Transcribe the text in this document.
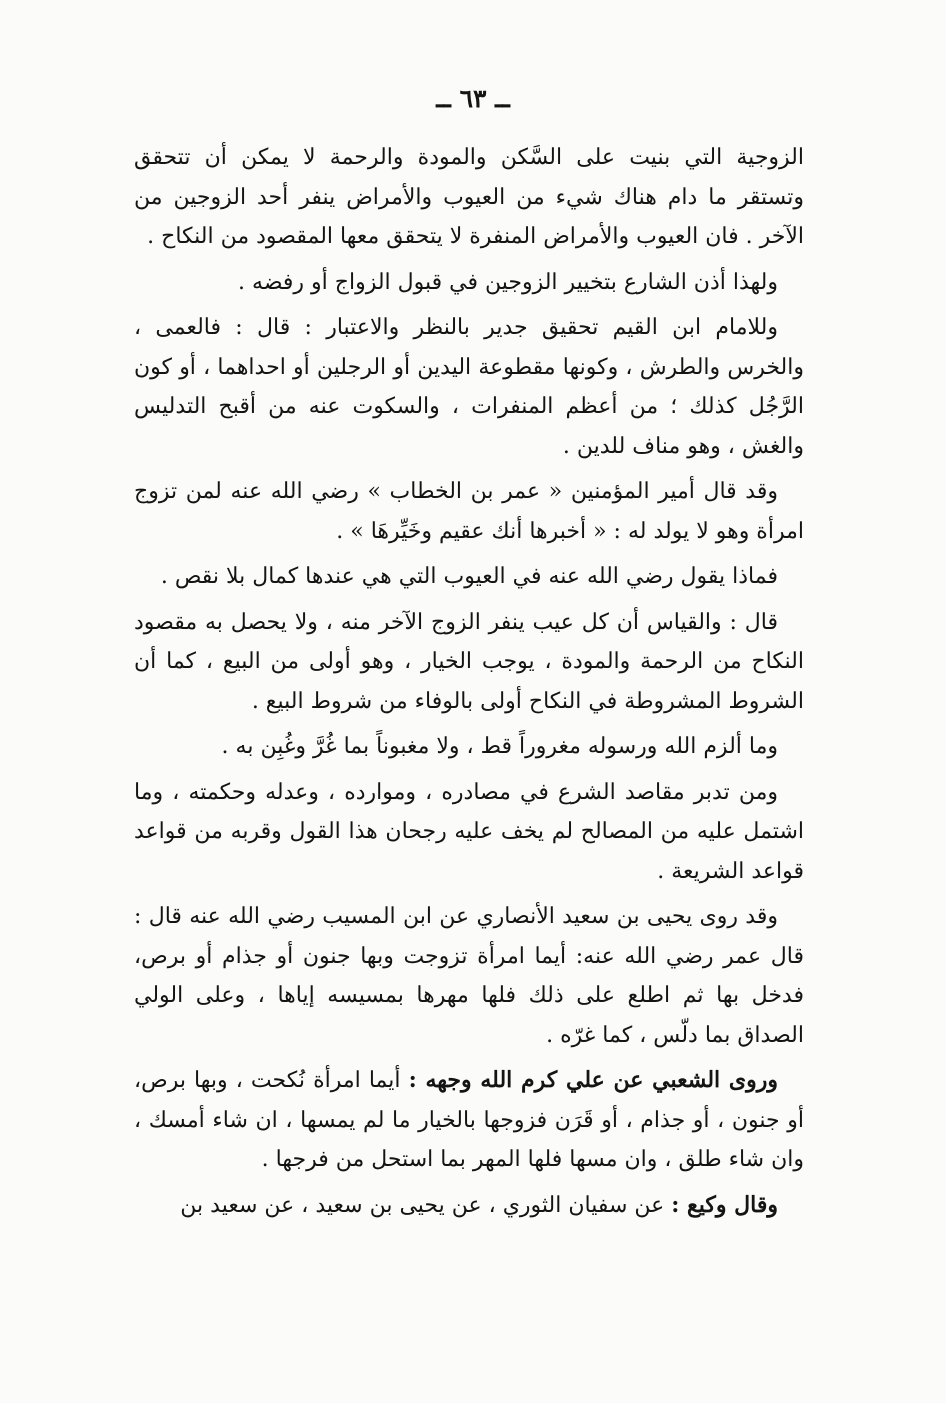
ــ ٦٣ ــ

الزوجية التي بنيت على السَّكن والمودة والرحمة لا يمكن أن تتحقق وتستقر ما دام هناك شيء من العيوب والأمراض ينفر أحد الزوجين من الآخر . فان العيوب والأمراض المنفرة لا يتحقق معها المقصود من النكاح .

ولهذا أذن الشارع بتخيير الزوجين في قبول الزواج أو رفضه .

وللامام ابن القيم تحقيق جدير بالنظر والاعتبار : قال : فالعمى ، والخرس والطرش ، وكونها مقطوعة اليدين أو الرجلين أو احداهما ، أو كون الرَّجُل كذلك ؛ من أعظم المنفرات ، والسكوت عنه من أقبح التدليس والغش ، وهو مناف للدين .

وقد قال أمير المؤمنين « عمر بن الخطاب » رضي الله عنه لمن تزوج امرأة وهو لا يولد له : « أخبرها أنك عقيم وخَيِّرهَا » .

فماذا يقول رضي الله عنه في العيوب التي هي عندها كمال بلا نقص .

قال : والقياس أن كل عيب ينفر الزوج الآخر منه ، ولا يحصل به مقصود النكاح من الرحمة والمودة ، يوجب الخيار ، وهو أولى من البيع ، كما أن الشروط المشروطة في النكاح أولى بالوفاء من شروط البيع .

وما ألزم الله ورسوله مغروراً قط ، ولا مغبوناً بما غُرَّ وغُبِن به .

ومن تدبر مقاصد الشرع في مصادره ، وموارده ، وعدله وحكمته ، وما اشتمل عليه من المصالح لم يخف عليه رجحان هذا القول وقربه من قواعد قواعد الشريعة .

وقد روى يحيى بن سعيد الأنصاري عن ابن المسيب رضي الله عنه قال : قال عمر رضي الله عنه: أيما امرأة تزوجت وبها جنون أو جذام أو برص، فدخل بها ثم اطلع على ذلك فلها مهرها بمسيسه إياها ، وعلى الولي الصداق بما دلّس ، كما غرّه .

وروى الشعبي عن علي كرم الله وجهه : أيما امرأة نُكحت ، وبها برص، أو جنون ، أو جذام ، أو قَرَن فزوجها بالخيار ما لم يمسها ، ان شاء أمسك ، وان شاء طلق ، وان مسها فلها المهر بما استحل من فرجها .

وقال وكيع : عن سفيان الثوري ، عن يحيى بن سعيد ، عن سعيد بن
